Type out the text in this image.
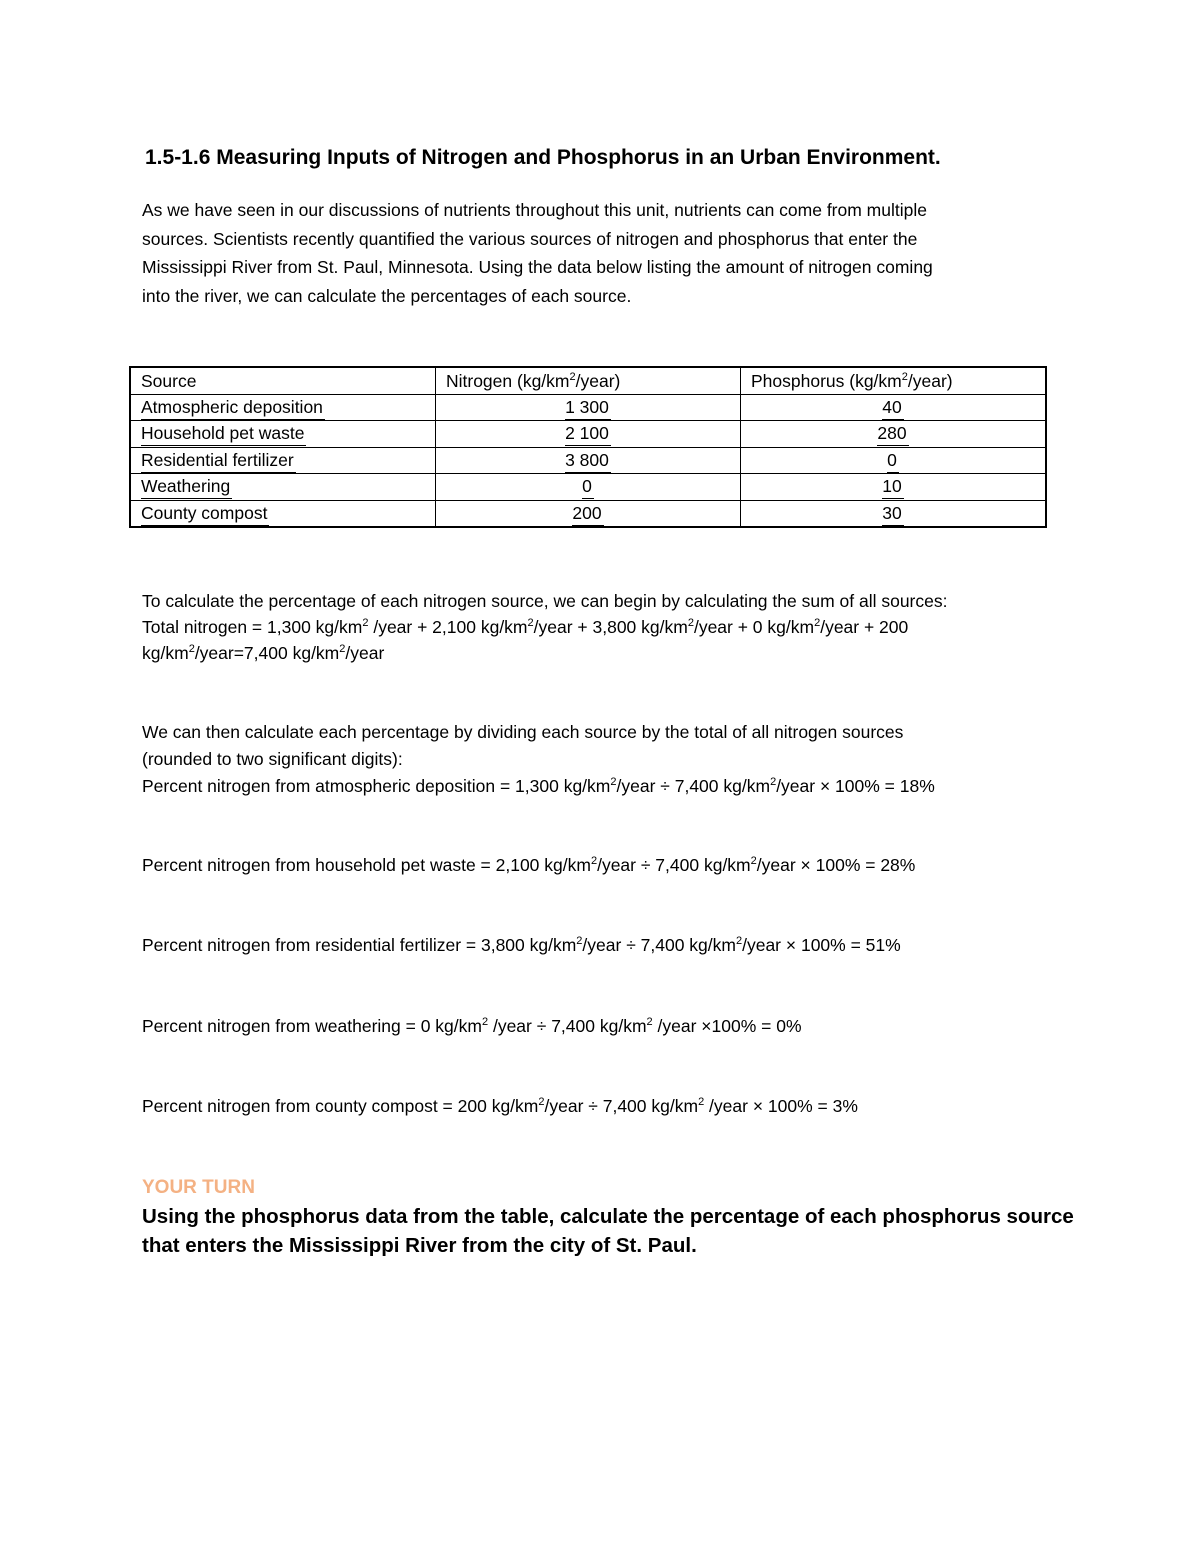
1.5-1.6 Measuring Inputs of Nitrogen and Phosphorus in an Urban Environment.
As we have seen in our discussions of nutrients throughout this unit, nutrients can come from multiple
sources. Scientists recently quantified the various sources of nitrogen and phosphorus that enter the
Mississippi River from St. Paul, Minnesota. Using the data below listing the amount of nitrogen coming
into the river, we can calculate the percentages of each source.
Source	Nitrogen $(kg/km^2/year)$	Phosphorus $(kg/km^2/year)$
Atmospheric deposition	1 300	40
Household pet waste	2 100	280
Residential fertilizer	3 800	0
Weathering	0	10
County compost	200	30
To calculate the percentage of each nitrogen source, we can begin by calculating the sum of all sources:
Total nitrogen = 1,300 $kg/km^2$ /year + 2,100 $kg/km^2$/year + 3,800 $kg/km^2$/year + 0 $kg/km^2$/year + 200
$kg/km^2/year=7,400$ $kg/km^2$/year
We can then calculate each percentage by dividing each source by the total of all nitrogen sources
(rounded to two significant digits):
Percent nitrogen from atmospheric deposition = 1,300 $kg/km^2$/year ÷ 7,400 $kg/km^2$/year × 100% = 18%
Percent nitrogen from household pet waste = 2,100 $kg/km^2$/year ÷ 7,400 $kg/km^2$/year × 100% = 28%
Percent nitrogen from residential fertilizer = 3,800 $kg/km^2$/year ÷ 7,400 $kg/km^2$/year × 100% = 51%
Percent nitrogen from weathering = 0 $kg/km^2$ /year ÷ 7,400 $kg/km^2$ /year ×100% = 0%
Percent nitrogen from county compost = 200 $kg/km^2$/year ÷ 7,400 $kg/km^2$ /year × 100% = 3%
YOUR TURN
Using the phosphorus data from the table, calculate the percentage of each phosphorus source
that enters the Mississippi River from the city of St. Paul.
